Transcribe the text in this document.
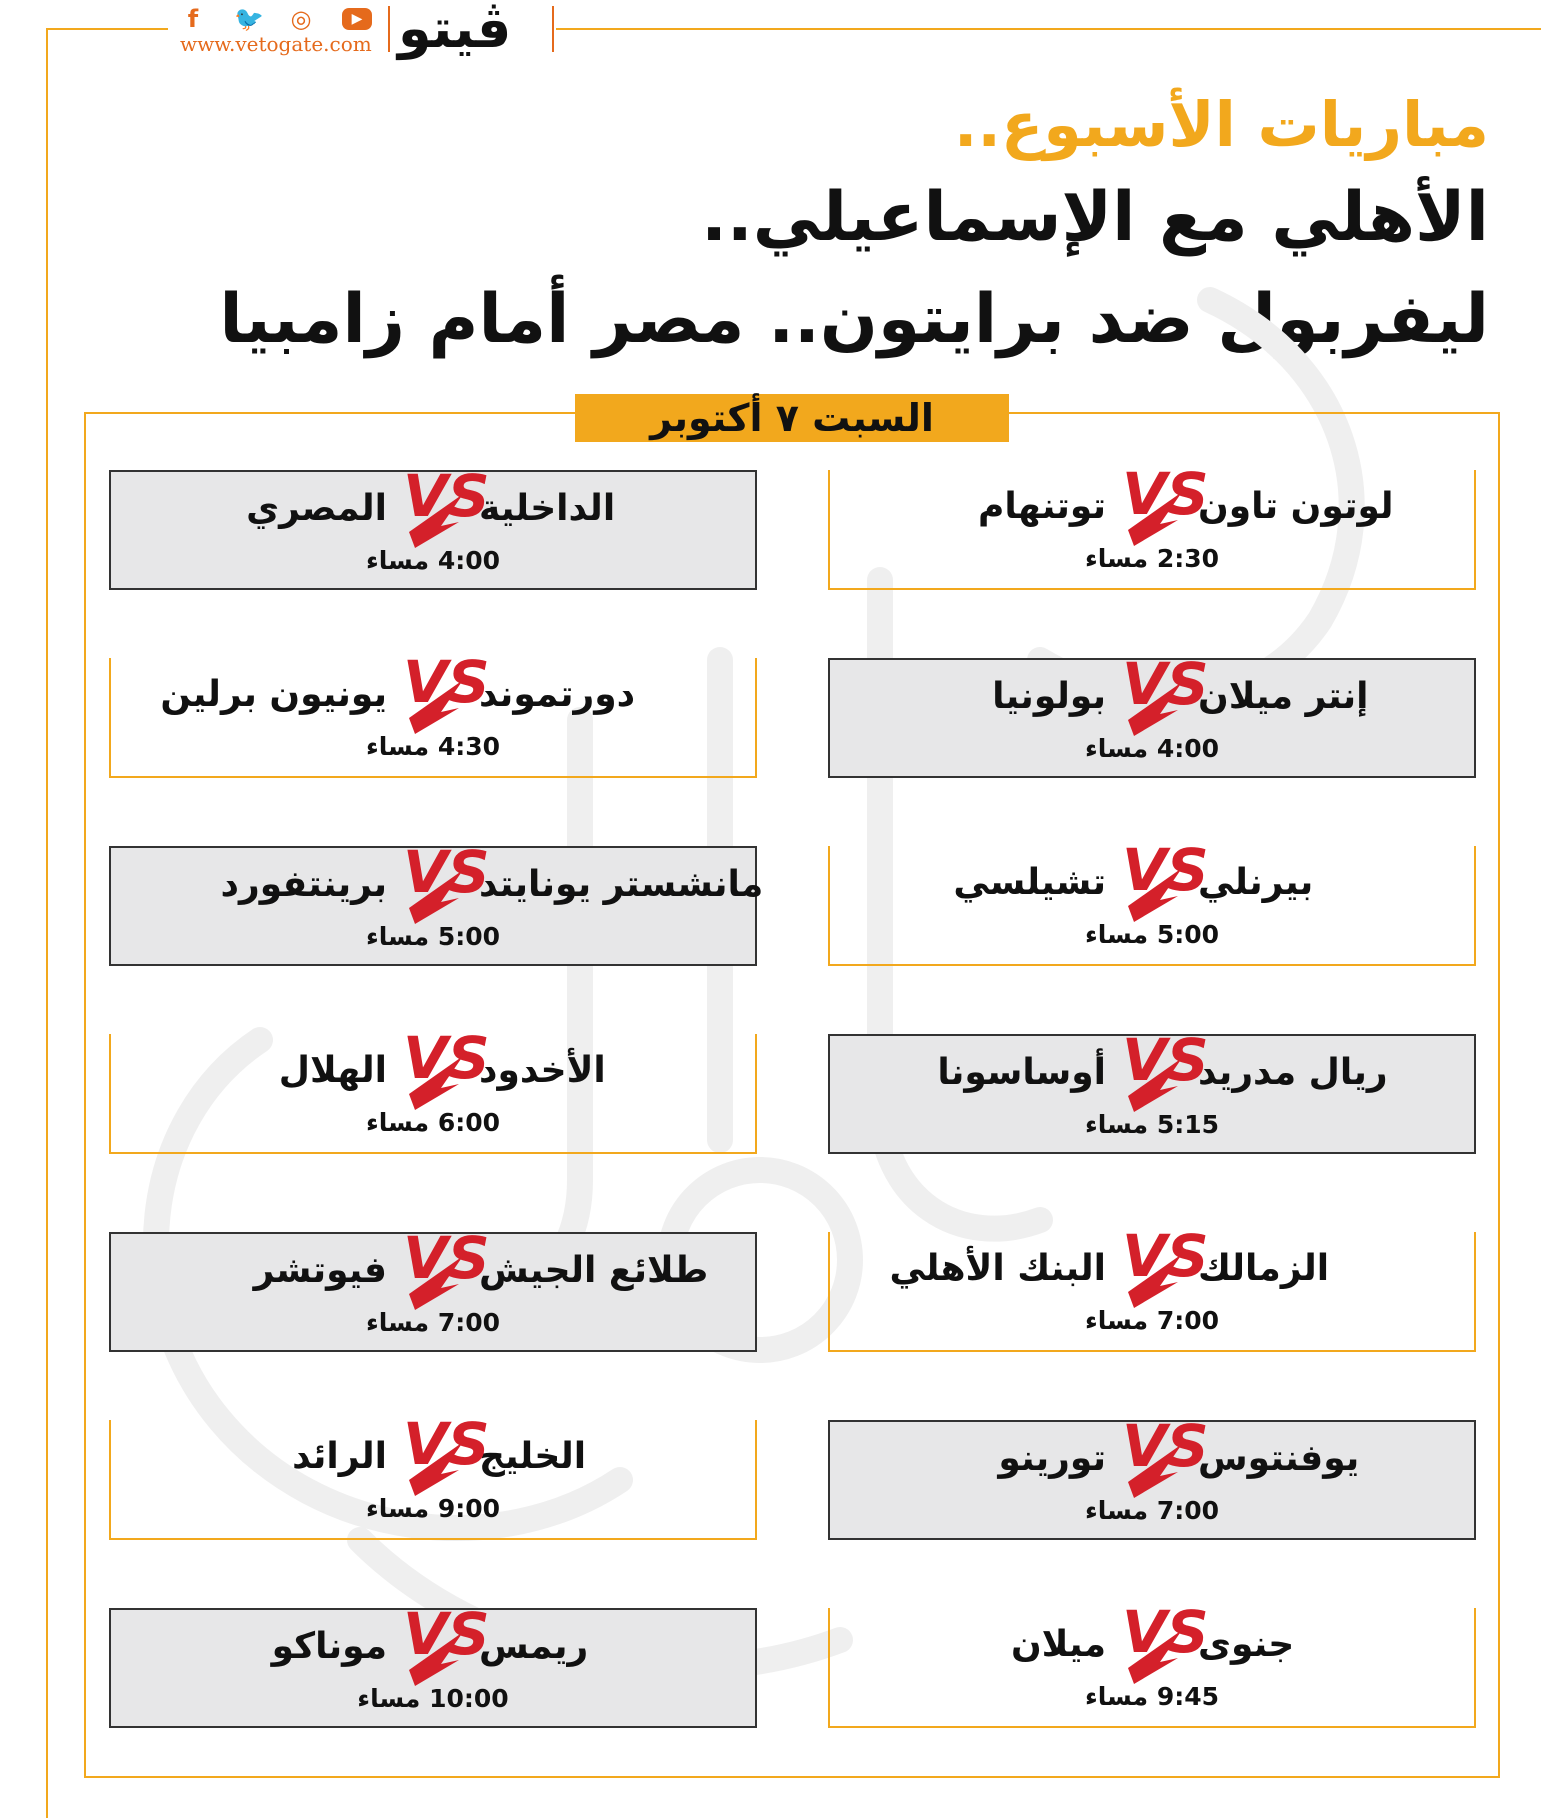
f	🐦 ◎	▶
www.vetogate.com ڤيتو
مباريات الأسبوع..
الأهلي مع الإسماعيلي..
ليفربول ضد برايتون.. مصر أمام زامبيا
السبت ٧ أكتوبر
لوتون تاون
VS
توتنهام
2:30 مساء
إنتر ميلان
VS
بولونيا
4:00 مساء
بيرنلي
VS
تشيلسي
5:00 مساء
ريال مدريد
VS
أوساسونا
5:15 مساء
الزمالك
VS
البنك الأهلي
7:00 مساء
يوفنتوس
VS
تورينو
7:00 مساء
جنوى
VS
ميلان
9:45 مساء
الداخلية
VS
المصري
4:00 مساء
دورتموند
VS
يونيون برلين
4:30 مساء
مانشستر يونايتد
VS
برينتفورد
5:00 مساء
الأخدود
VS
الهلال
6:00 مساء
طلائع الجيش
VS
فيوتشر
7:00 مساء
الخليج
VS
الرائد
9:00 مساء
ريمس
VS
موناكو
10:00 مساء
